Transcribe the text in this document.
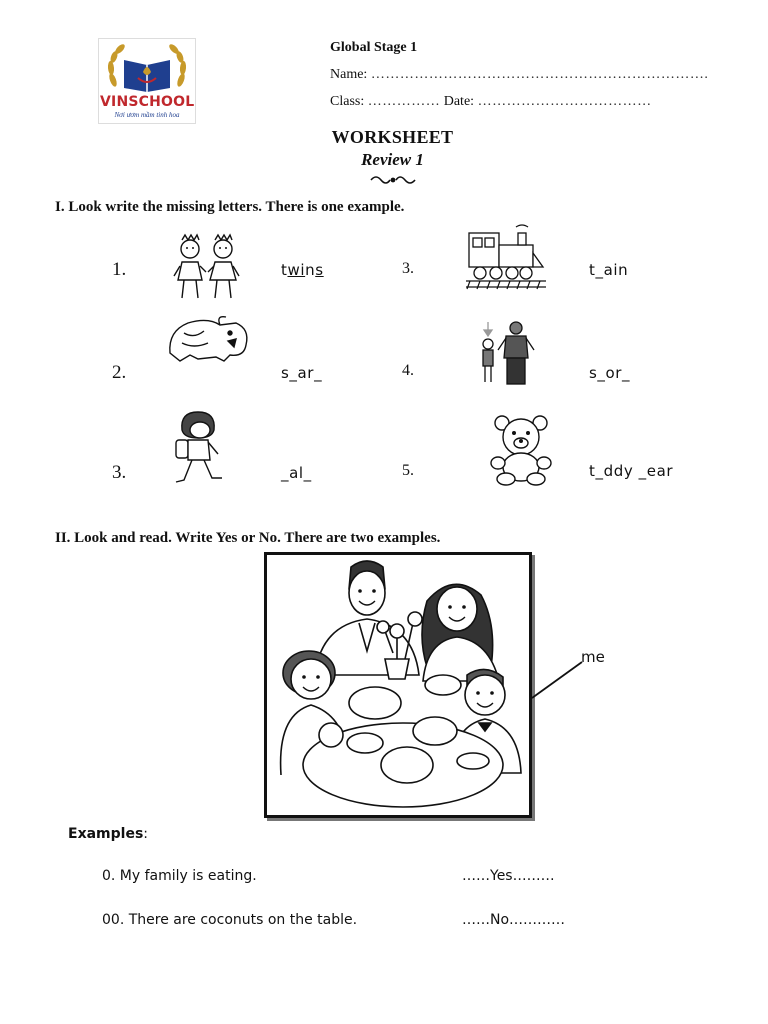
VINSCHOOL
Nơi ươm mầm tinh hoa
Global Stage 1
Name: …………………………………………………………….
Class: …………… Date: ………………………………
WORKSHEET
Review 1
I. Look write the missing letters. There is one example.
1.	twins	3.	t_ain
2.	s_ar_	4.	s_or_
3.	_al_	5.	t_ddy _ear
II. Look and read. Write Yes or No. There are two examples.
me
Examples:
0. My family is eating.	……Yes………
00. There are coconuts on the table.	……No…………
